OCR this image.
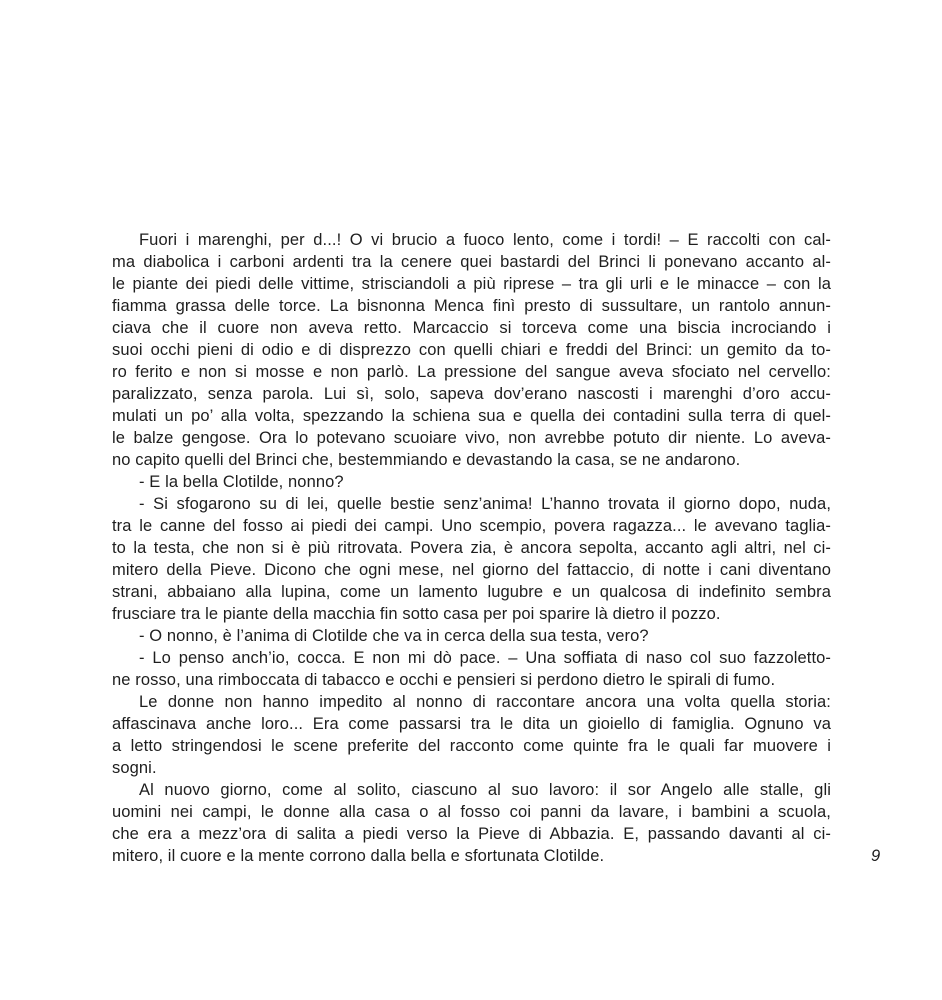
Fuori i marenghi, per d...! O vi brucio a fuoco lento, come i tordi! – E raccolti con cal-
ma diabolica i carboni ardenti tra la cenere quei bastardi del Brinci li ponevano accanto al-
le piante dei piedi delle vittime, strisciandoli a più riprese – tra gli urli e le minacce – con la
fiamma grassa delle torce. La bisnonna Menca finì presto di sussultare, un rantolo annun-
ciava che il cuore non aveva retto. Marcaccio si torceva come una biscia incrociando i
suoi occhi pieni di odio e di disprezzo con quelli chiari e freddi del Brinci: un gemito da to-
ro ferito e non si mosse e non parlò. La pressione del sangue aveva sfociato nel cervello:
paralizzato, senza parola. Lui sì, solo, sapeva dov’erano nascosti i marenghi d’oro accu-
mulati un po’ alla volta, spezzando la schiena sua e quella dei contadini sulla terra di quel-
le balze gengose. Ora lo potevano scuoiare vivo, non avrebbe potuto dir niente. Lo aveva-
no capito quelli del Brinci che, bestemmiando e devastando la casa, se ne andarono.
- E la bella Clotilde, nonno?
- Si sfogarono su di lei, quelle bestie senz’anima! L’hanno trovata il giorno dopo, nuda,
tra le canne del fosso ai piedi dei campi. Uno scempio, povera ragazza... le avevano taglia-
to la testa, che non si è più ritrovata. Povera zia, è ancora sepolta, accanto agli altri, nel ci-
mitero della Pieve. Dicono che ogni mese, nel giorno del fattaccio, di notte i cani diventano
strani, abbaiano alla lupina, come un lamento lugubre e un qualcosa di indefinito sembra
frusciare tra le piante della macchia fin sotto casa per poi sparire là dietro il pozzo.
- O nonno, è l’anima di Clotilde che va in cerca della sua testa, vero?
- Lo penso anch’io, cocca. E non mi dò pace. – Una soffiata di naso col suo fazzoletto-
ne rosso, una rimboccata di tabacco e occhi e pensieri si perdono dietro le spirali di fumo.
Le donne non hanno impedito al nonno di raccontare ancora una volta quella storia:
affascinava anche loro... Era come passarsi tra le dita un gioiello di famiglia. Ognuno va
a letto stringendosi le scene preferite del racconto come quinte fra le quali far muovere i
sogni.
Al nuovo giorno, come al solito, ciascuno al suo lavoro: il sor Angelo alle stalle, gli
uomini nei campi, le donne alla casa o al fosso coi panni da lavare, i bambini a scuola,
che era a mezz’ora di salita a piedi verso la Pieve di Abbazia. E, passando davanti al ci-
mitero, il cuore e la mente corrono dalla bella e sfortunata Clotilde.	9
